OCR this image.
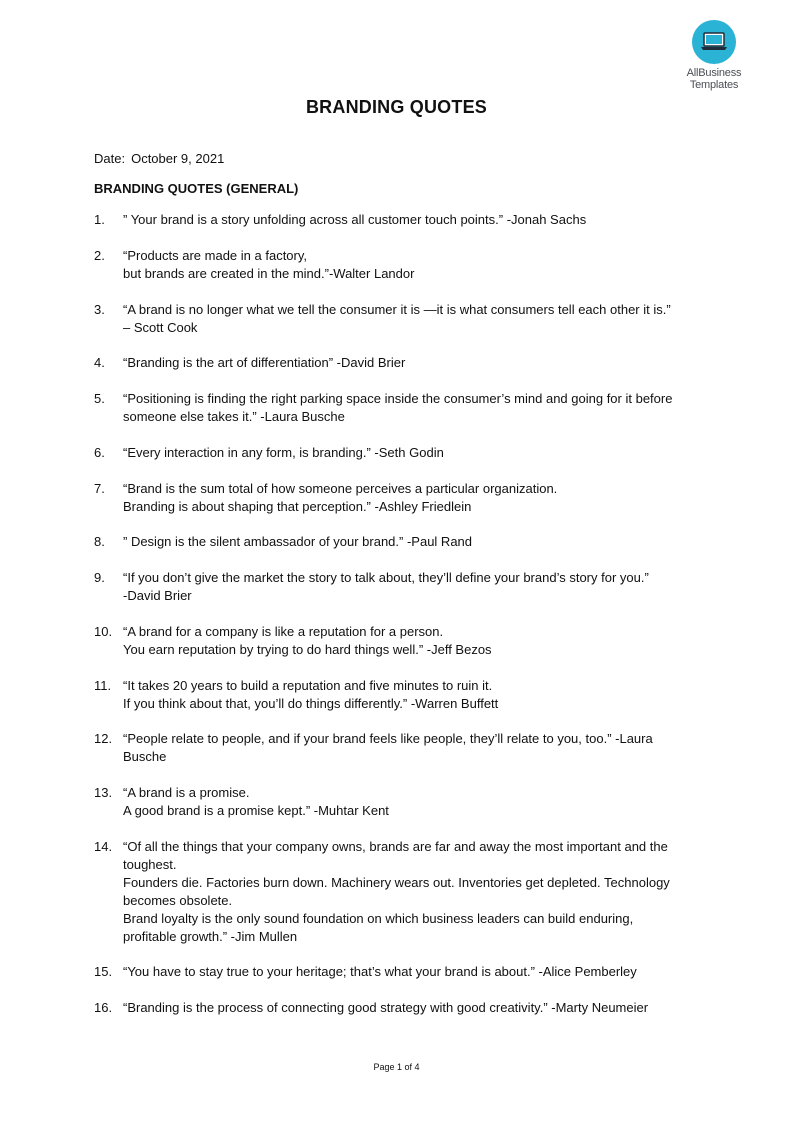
AllBusiness
Templates
BRANDING QUOTES
Date: October 9, 2021
BRANDING QUOTES (GENERAL)
1.	” Your brand is a story unfolding across all customer touch points.” -Jonah Sachs
2.	“Products are made in a factory,
but brands are created in the mind.”-Walter Landor
3.	“A brand is no longer what we tell the consumer it is —it is what consumers tell each other it is.”
– Scott Cook
4.	“Branding is the art of differentiation” -David Brier
5.	“Positioning is finding the right parking space inside the consumer’s mind and going for it before
someone else takes it.” -Laura Busche
6.	“Every interaction in any form, is branding.” -Seth Godin
7.	“Brand is the sum total of how someone perceives a particular organization.
Branding is about shaping that perception.” -Ashley Friedlein
8.	” Design is the silent ambassador of your brand.” -Paul Rand
9.	“If you don’t give the market the story to talk about, they’ll define your brand’s story for you.”
-David Brier
10. “A brand for a company is like a reputation for a person.
You earn reputation by trying to do hard things well.” -Jeff Bezos
11. “It takes 20 years to build a reputation and five minutes to ruin it.
If you think about that, you’ll do things differently.” -Warren Buffett
12. “People relate to people, and if your brand feels like people, they’ll relate to you, too.” -Laura
Busche
13. “A brand is a promise.
A good brand is a promise kept.” -Muhtar Kent
14. “Of all the things that your company owns, brands are far and away the most important and the
toughest.
Founders die. Factories burn down. Machinery wears out. Inventories get depleted. Technology
becomes obsolete.
Brand loyalty is the only sound foundation on which business leaders can build enduring,
profitable growth.” -Jim Mullen
15. “You have to stay true to your heritage; that’s what your brand is about.” -Alice Pemberley
16. “Branding is the process of connecting good strategy with good creativity.” -Marty Neumeier
Page 1 of 4
